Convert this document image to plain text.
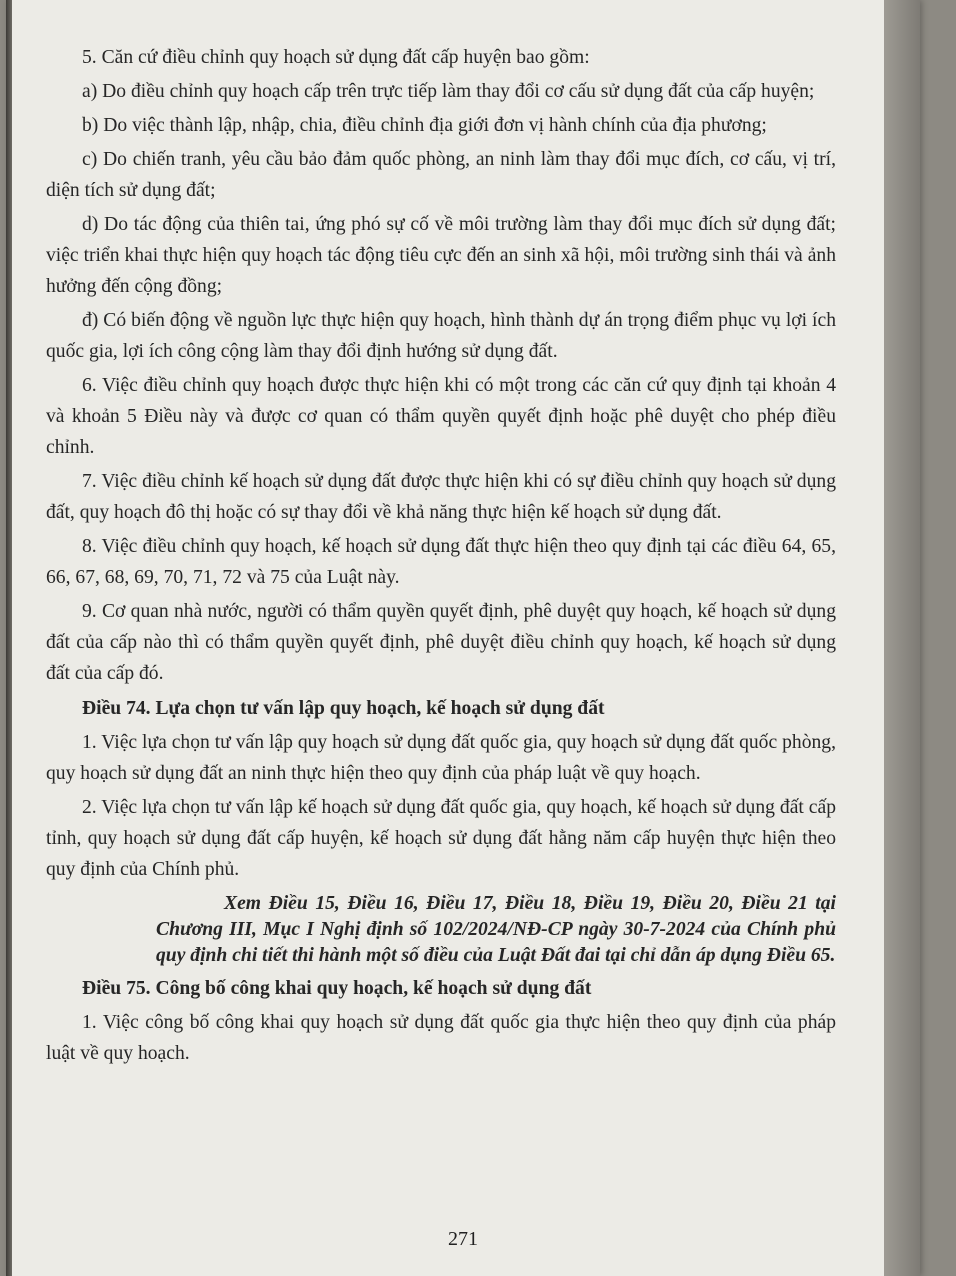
5. Căn cứ điều chỉnh quy hoạch sử dụng đất cấp huyện bao gồm:

a) Do điều chỉnh quy hoạch cấp trên trực tiếp làm thay đổi cơ cấu sử dụng đất của cấp huyện;

b) Do việc thành lập, nhập, chia, điều chỉnh địa giới đơn vị hành chính của địa phương;

c) Do chiến tranh, yêu cầu bảo đảm quốc phòng, an ninh làm thay đổi mục đích, cơ cấu, vị trí, diện tích sử dụng đất;

d) Do tác động của thiên tai, ứng phó sự cố về môi trường làm thay đổi mục đích sử dụng đất; việc triển khai thực hiện quy hoạch tác động tiêu cực đến an sinh xã hội, môi trường sinh thái và ảnh hưởng đến cộng đồng;

đ) Có biến động về nguồn lực thực hiện quy hoạch, hình thành dự án trọng điểm phục vụ lợi ích quốc gia, lợi ích công cộng làm thay đổi định hướng sử dụng đất.

6. Việc điều chỉnh quy hoạch được thực hiện khi có một trong các căn cứ quy định tại khoản 4 và khoản 5 Điều này và được cơ quan có thẩm quyền quyết định hoặc phê duyệt cho phép điều chỉnh.

7. Việc điều chỉnh kế hoạch sử dụng đất được thực hiện khi có sự điều chỉnh quy hoạch sử dụng đất, quy hoạch đô thị hoặc có sự thay đổi về khả năng thực hiện kế hoạch sử dụng đất.

8. Việc điều chỉnh quy hoạch, kế hoạch sử dụng đất thực hiện theo quy định tại các điều 64, 65, 66, 67, 68, 69, 70, 71, 72 và 75 của Luật này.

9. Cơ quan nhà nước, người có thẩm quyền quyết định, phê duyệt quy hoạch, kế hoạch sử dụng đất của cấp nào thì có thẩm quyền quyết định, phê duyệt điều chỉnh quy hoạch, kế hoạch sử dụng đất của cấp đó.

Điều 74. Lựa chọn tư vấn lập quy hoạch, kế hoạch sử dụng đất

1. Việc lựa chọn tư vấn lập quy hoạch sử dụng đất quốc gia, quy hoạch sử dụng đất quốc phòng, quy hoạch sử dụng đất an ninh thực hiện theo quy định của pháp luật về quy hoạch.

2. Việc lựa chọn tư vấn lập kế hoạch sử dụng đất quốc gia, quy hoạch, kế hoạch sử dụng đất cấp tỉnh, quy hoạch sử dụng đất cấp huyện, kế hoạch sử dụng đất hằng năm cấp huyện thực hiện theo quy định của Chính phủ.

Xem Điều 15, Điều 16, Điều 17, Điều 18, Điều 19, Điều 20, Điều 21 tại Chương III, Mục I Nghị định số 102/2024/NĐ-CP ngày 30-7-2024 của Chính phủ quy định chi tiết thi hành một số điều của Luật Đất đai tại chỉ dẫn áp dụng Điều 65.

Điều 75. Công bố công khai quy hoạch, kế hoạch sử dụng đất

1. Việc công bố công khai quy hoạch sử dụng đất quốc gia thực hiện theo quy định của pháp luật về quy hoạch.

271
